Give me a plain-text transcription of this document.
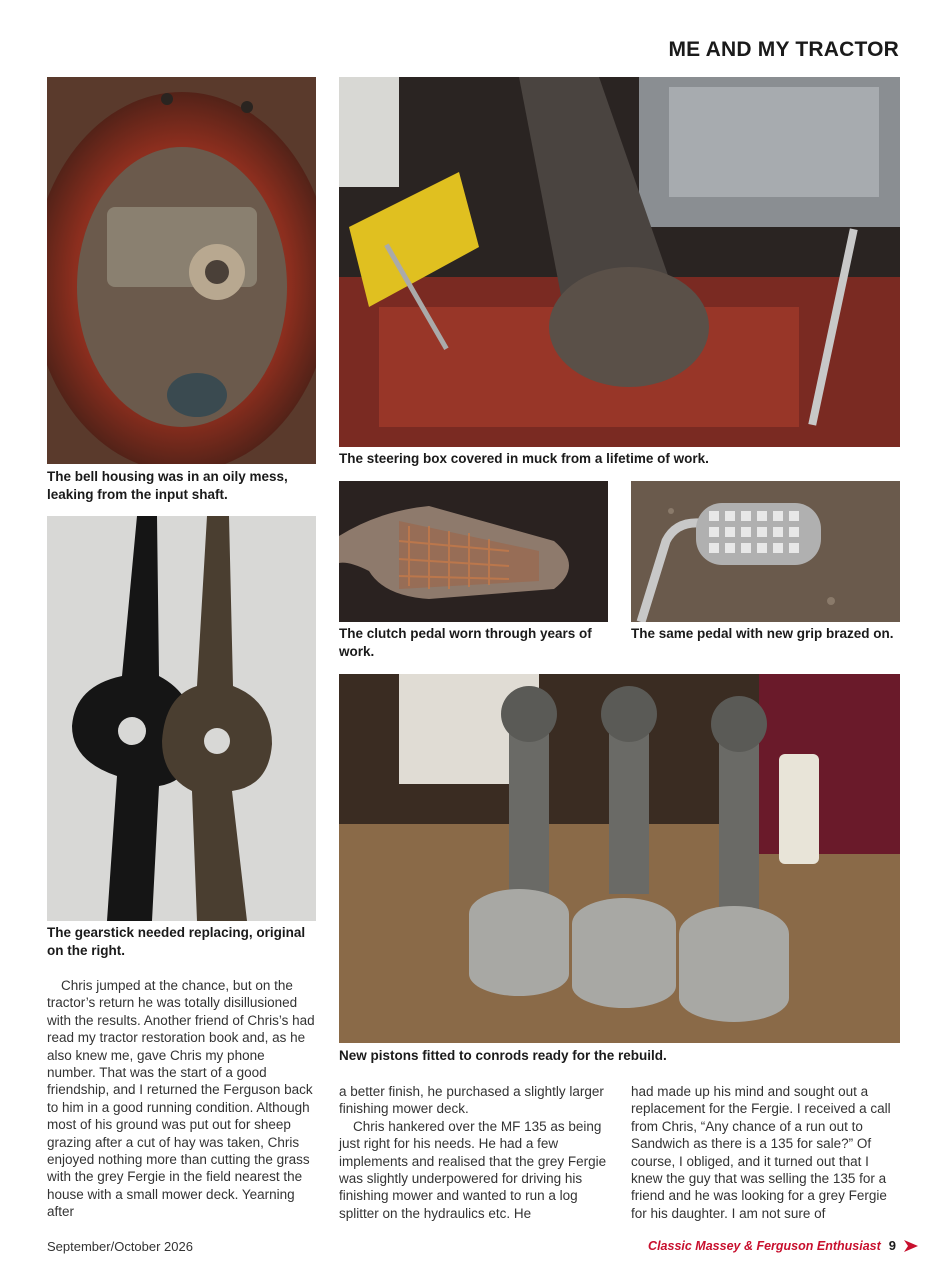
ME AND MY TRACTOR
The bell housing was in an oily mess, leaking from the input shaft.
The steering box covered in muck from a lifetime of work.
The clutch pedal worn through years of work.
The same pedal with new grip brazed on.
The gearstick needed replacing, original on the right.
New pistons fitted to conrods ready for the rebuild.

Chris jumped at the chance, but on the tractor’s return he was totally disillusioned with the results. Another friend of Chris’s had read my tractor restoration book and, as he also knew me, gave Chris my phone number. That was the start of a good friendship, and I returned the Ferguson back to him in a good running condition. Although most of his ground was put out for sheep grazing after a cut of hay was taken, Chris enjoyed nothing more than cutting the grass with the grey Fergie in the field nearest the house with a small mower deck. Yearning after

a better finish, he purchased a slightly larger finishing mower deck.

Chris hankered over the MF 135 as being just right for his needs. He had a few implements and realised that the grey Fergie was slightly underpowered for driving his finishing mower and wanted to run a log splitter on the hydraulics etc. He

had made up his mind and sought out a replacement for the Fergie. I received a call from Chris, “Any chance of a run out to Sandwich as there is a 135 for sale?” Of course, I obliged, and it turned out that I knew the guy that was selling the 135 for a friend and he was looking for a grey Fergie for his daughter. I am not sure of

September/October 2026	Classic Massey & Ferguson Enthusiast 9
